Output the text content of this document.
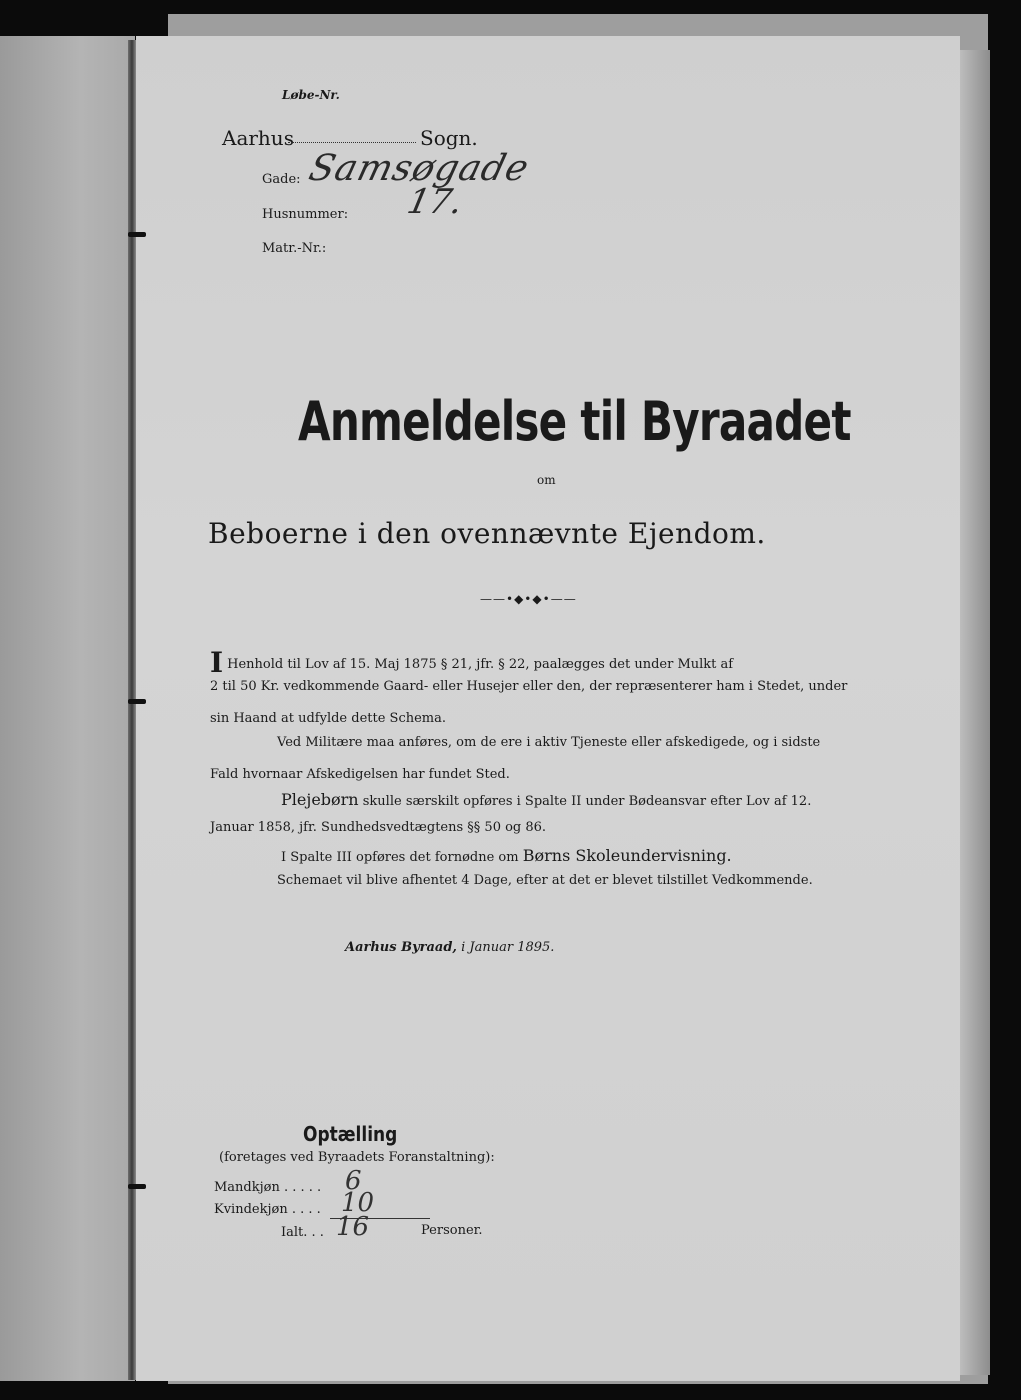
Løbe-Nr.
Aarhus	Sogn.
Gade: Samsøgade
Husnummer: 17.
Matr.-Nr.:
Anmeldelse til Byraadet
om
Beboerne i den ovennævnte Ejendom.
——•◆•◆•——
I Henhold til Lov af 15. Maj 1875 § 21, jfr. § 22, paalægges det under Mulkt af
2 til 50 Kr. vedkommende Gaard- eller Husejer eller den, der repræsenterer ham i Stedet, under
sin Haand at udfylde dette Schema.
Ved Militære maa anføres, om de ere i aktiv Tjeneste eller afskedigede, og i sidste
Fald hvornaar Afskedigelsen har fundet Sted.
Plejebørn skulle særskilt opføres i Spalte II under Bødeansvar efter Lov af 12.
Januar 1858, jfr. Sundhedsvedtægtens §§ 50 og 86.
I Spalte III opføres det fornødne om Børns Skoleundervisning.
Schemaet vil blive afhentet 4 Dage, efter at det er blevet tilstillet Vedkommende.
Aarhus Byraad, i Januar 1895.
Optælling
(foretages ved Byraadets Foranstaltning):
Mandkjøn . . . . . 6
Kvindekjøn . . . . 10
Ialt. . . 16	Personer.
